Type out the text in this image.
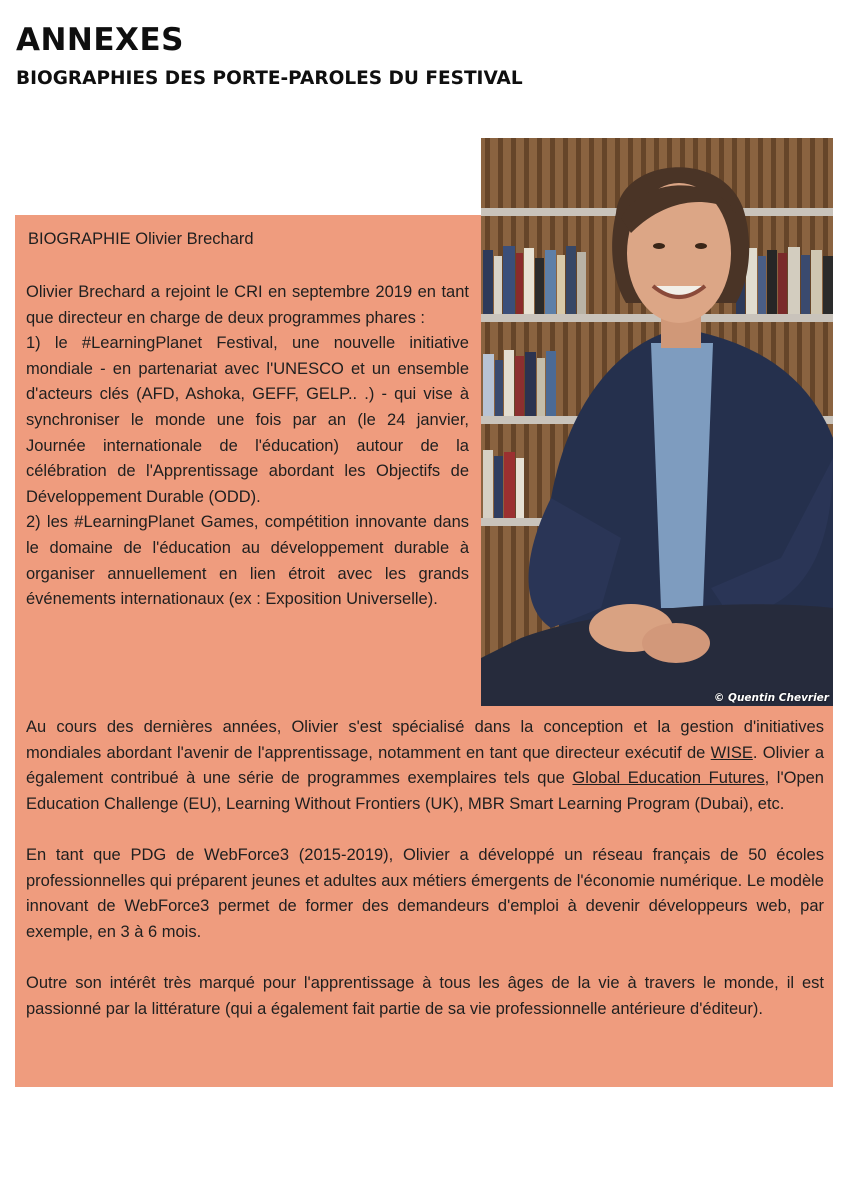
ANNEXES
BIOGRAPHIES DES PORTE-PAROLES DU FESTIVAL
© Quentin Chevrier
BIOGRAPHIE Olivier Brechard

Olivier Brechard a rejoint le CRI en septembre 2019 en tant que directeur en charge de deux programmes phares :

1) le #LearningPlanet Festival, une nouvelle initiative mondiale - en partenariat avec l'UNESCO et un ensemble d'acteurs clés (AFD, Ashoka, GEFF, GELP.. .) - qui vise à synchroniser le monde une fois par an (le 24 janvier, Journée internationale de l'éducation) autour de la célébration de l'Apprentissage abordant les Objectifs de Développement Durable (ODD).

2) les #LearningPlanet Games, compétition innovante dans le domaine de l'éducation au développement durable à organiser annuellement en lien étroit avec les grands événements internationaux (ex : Exposition Universelle).

Au cours des dernières années, Olivier s'est spécialisé dans la conception et la gestion d'initiatives mondiales abordant l'avenir de l'apprentissage, notamment en tant que directeur exécutif de WISE. Olivier a également contribué à une série de programmes exemplaires tels que Global Education Futures, l'Open Education Challenge (EU), Learning Without Frontiers (UK), MBR Smart Learning Program (Dubai), etc.

En tant que PDG de WebForce3 (2015-2019), Olivier a développé un réseau français de 50 écoles professionnelles qui préparent jeunes et adultes aux métiers émergents de l'économie numérique. Le modèle innovant de WebForce3 permet de former des demandeurs d'emploi à devenir développeurs web, par exemple, en 3 à 6 mois.

Outre son intérêt très marqué pour l'apprentissage à tous les âges de la vie à travers le monde, il est passionné par la littérature (qui a également fait partie de sa vie professionnelle antérieure d'éditeur).
